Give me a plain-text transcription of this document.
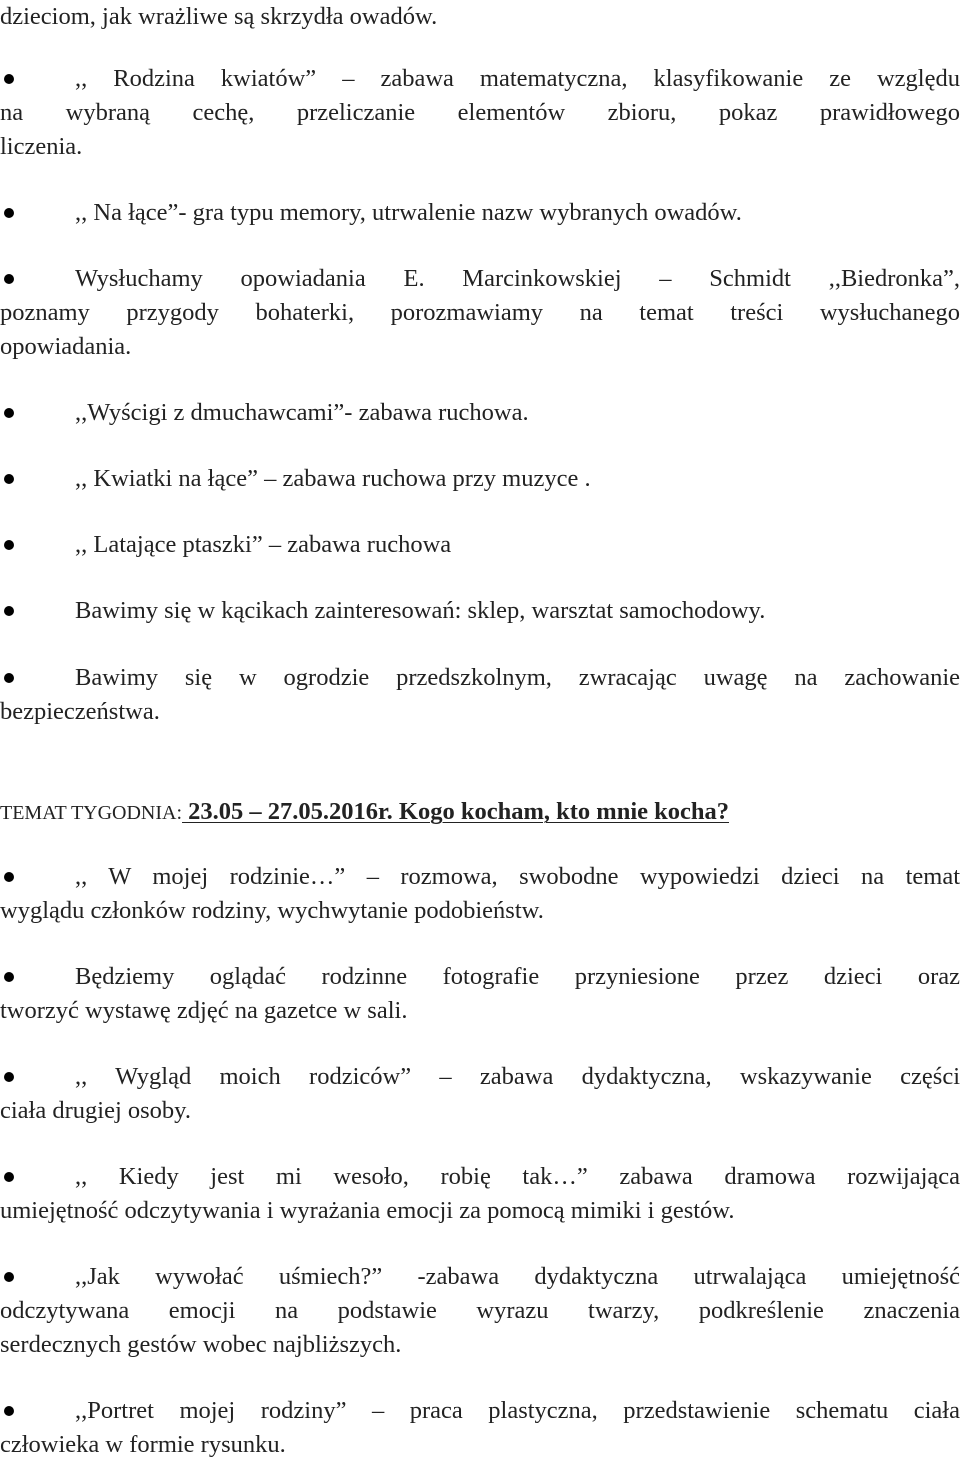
dzieciom, jak wrażliwe są skrzydła owadów.
,, Rodzina kwiatów” – zabawa matematyczna, klasyfikowanie ze względu
na wybraną cechę, przeliczanie elementów zbioru, pokaz prawidłowego
liczenia.
,, Na łące”- gra typu memory, utrwalenie nazw wybranych owadów.
Wysłuchamy opowiadania E. Marcinkowskiej – Schmidt ,,Biedronka”,
poznamy przygody bohaterki, porozmawiamy na temat treści wysłuchanego
opowiadania.
,,Wyścigi z dmuchawcami”- zabawa ruchowa.
,, Kwiatki na łące” – zabawa ruchowa przy muzyce .
,, Latające ptaszki” – zabawa ruchowa
Bawimy się w kącikach zainteresowań: sklep, warsztat samochodowy.
Bawimy się w ogrodzie przedszkolnym, zwracając uwagę na zachowanie
bezpieczeństwa.
TEMAT TYGODNIA: 23.05 – 27.05.2016r. Kogo kocham, kto mnie kocha?
,, W mojej rodzinie…” – rozmowa, swobodne wypowiedzi dzieci na temat
wyglądu członków rodziny, wychwytanie podobieństw.
Będziemy oglądać rodzinne fotografie przyniesione przez dzieci oraz
tworzyć wystawę zdjęć na gazetce w sali.
,, Wygląd moich rodziców” – zabawa dydaktyczna, wskazywanie części
ciała drugiej osoby.
,, Kiedy jest mi wesoło, robię tak…” zabawa dramowa rozwijająca
umiejętność odczytywania i wyrażania emocji za pomocą mimiki i gestów.
,,Jak wywołać uśmiech?” -zabawa dydaktyczna utrwalająca umiejętność
odczytywana emocji na podstawie wyrazu twarzy, podkreślenie znaczenia
serdecznych gestów wobec najbliższych.
,,Portret mojej rodziny” – praca plastyczna, przedstawienie schematu ciała
człowieka w formie rysunku.
